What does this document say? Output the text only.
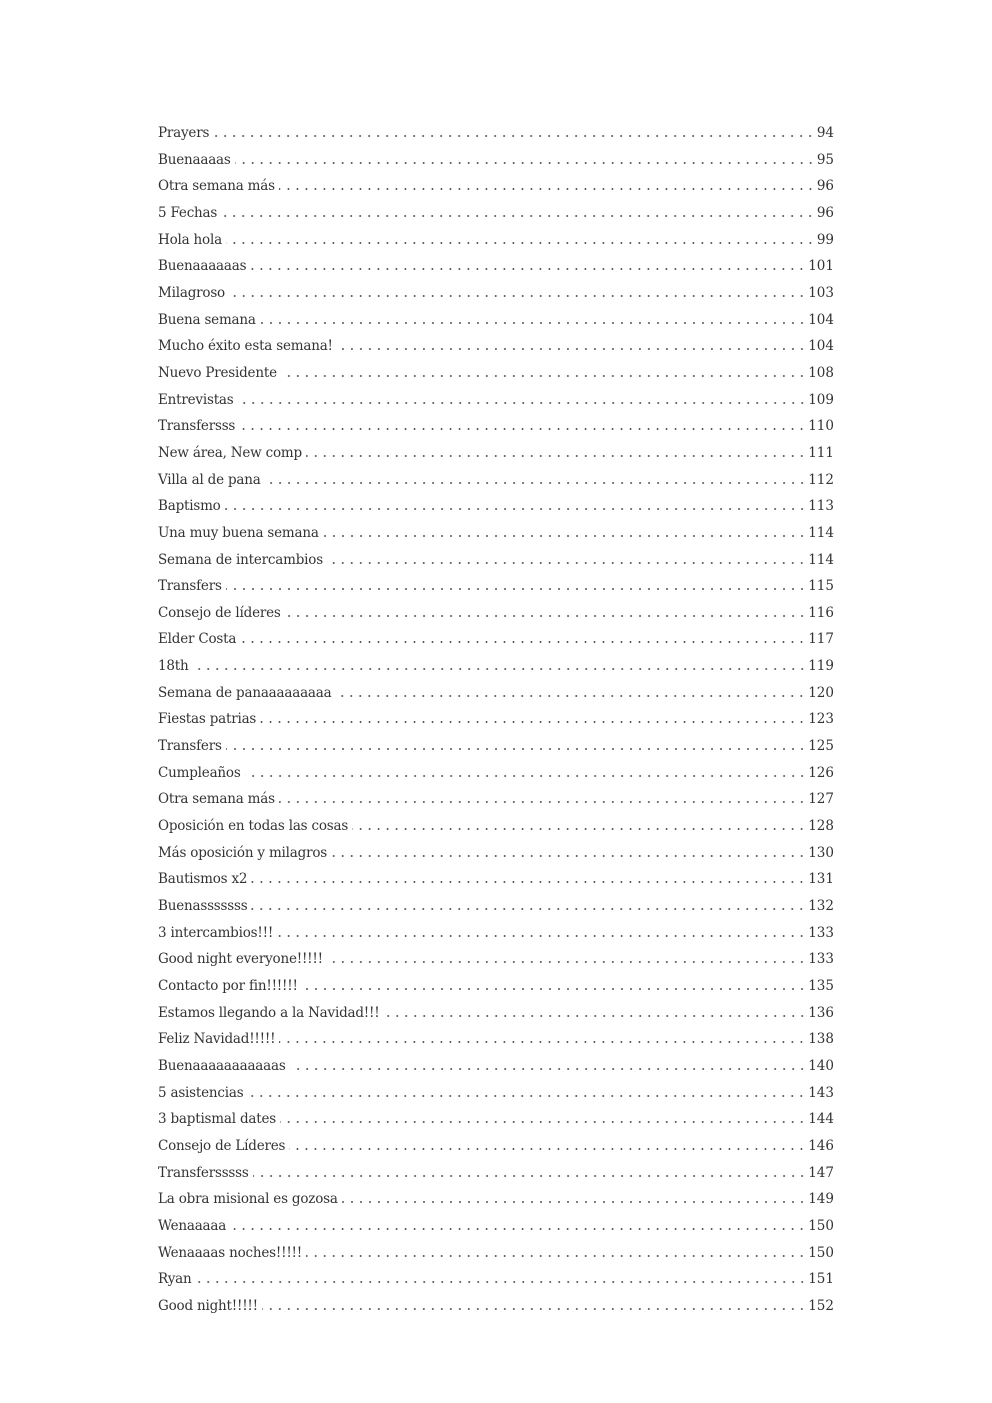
Prayers	94
Buenaaaas	95
Otra semana más	96
5 Fechas	96
Hola hola	99
Buenaaaaaas	101
Milagroso	103
Buena semana	104
Mucho éxito esta semana!	104
Nuevo Presidente	108
Entrevistas	109
Transfersss	110
New área, New comp	111
Villa al de pana	112
Baptismo	113
Una muy buena semana	114
Semana de intercambios	114
Transfers	115
Consejo de líderes	116
Elder Costa	117
18th	119
Semana de panaaaaaaaaa	120
Fiestas patrias	123
Transfers	125
Cumpleaños	126
Otra semana más	127
Oposición en todas las cosas	128
Más oposición y milagros	130
Bautismos x2	131
Buenasssssss	132
3 intercambios!!!	133
Good night everyone!!!!!	133
Contacto por fin!!!!!!	135
Estamos llegando a la Navidad!!!	136
Feliz Navidad!!!!!	138
Buenaaaaaaaaaaas	140
5 asistencias	143
3 baptismal dates	144
Consejo de Líderes	146
Transfersssss	147
La obra misional es gozosa	149
Wenaaaaa	150
Wenaaaas noches!!!!!	150
Ryan	151
Good night!!!!!	152
